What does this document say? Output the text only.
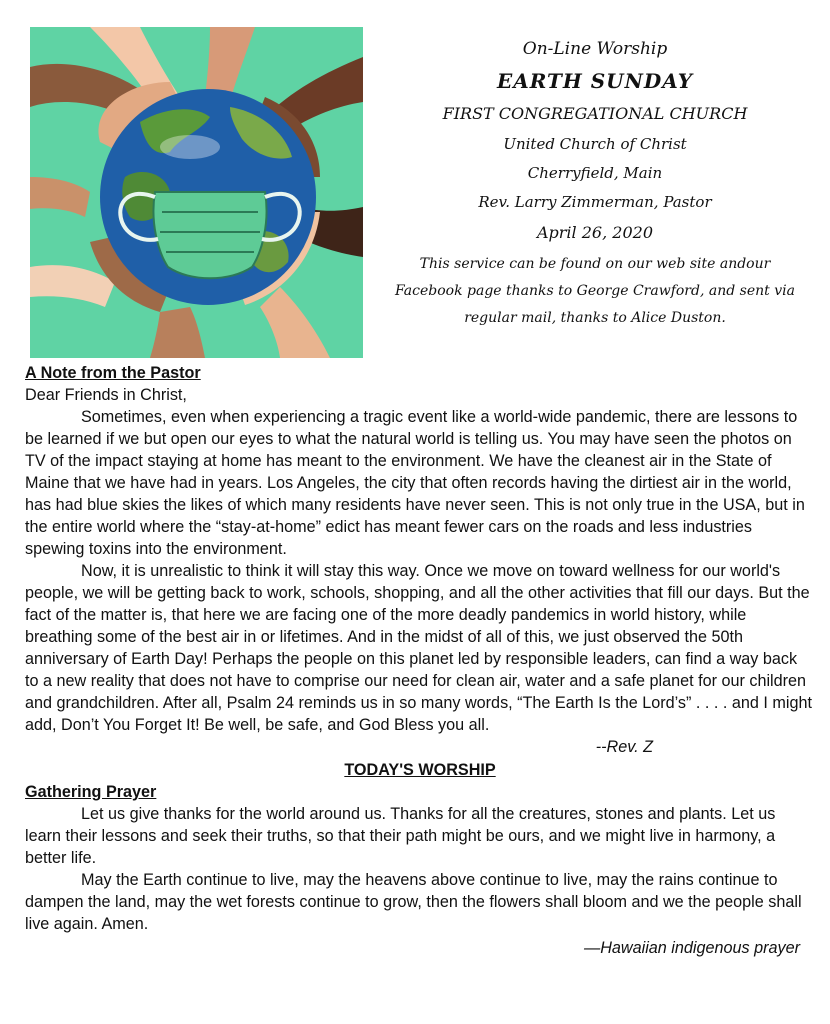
On-Line Worship
EARTH SUNDAY
FIRST CONGREGATIONAL CHURCH
United Church of Christ
Cherryfield, Main
Rev. Larry Zimmerman, Pastor
April 26, 2020
This service can be found on our web site andour Facebook page thanks to George Crawford, and sent via regular mail, thanks to Alice Duston.

A Note from the Pastor

Dear Friends in Christ,

Sometimes, even when experiencing a tragic event like a world-wide pandemic, there are lessons to be learned if we but open our eyes to what the natural world is telling us. You may have seen the photos on TV of the impact staying at home has meant to the environment. We have the cleanest air in the State of Maine that we have had in years. Los Angeles, the city that often records having the dirtiest air in the world, has had blue skies the likes of which many residents have never seen. This is not only true in the USA, but in the entire world where the “stay-at-home” edict has meant fewer cars on the roads and less industries spewing toxins into the environment.

Now, it is unrealistic to think it will stay this way. Once we move on toward wellness for our world's people, we will be getting back to work, schools, shopping, and all the other activities that fill our days. But the fact of the matter is, that here we are facing one of the more deadly pandemics in world history, while breathing some of the best air in or lifetimes. And in the midst of all of this, we just observed the 50th anniversary of Earth Day! Perhaps the people on this planet led by responsible leaders, can find a way back to a new reality that does not have to comprise our need for clean air, water and a safe planet for our children and grandchildren. After all, Psalm 24 reminds us in so many words, “The Earth Is the Lord’s” . . . . and I might add, Don’t You Forget It! Be well, be safe, and God Bless you all.

--Rev. Z

TODAY'S WORSHIP

Gathering Prayer

Let us give thanks for the world around us. Thanks for all the creatures, stones and plants. Let us learn their lessons and seek their truths, so that their path might be ours, and we might live in harmony, a better life.

May the Earth continue to live, may the heavens above continue to live, may the rains continue to dampen the land, may the wet forests continue to grow, then the flowers shall bloom and we the people shall live again. Amen.

—Hawaiian indigenous prayer
